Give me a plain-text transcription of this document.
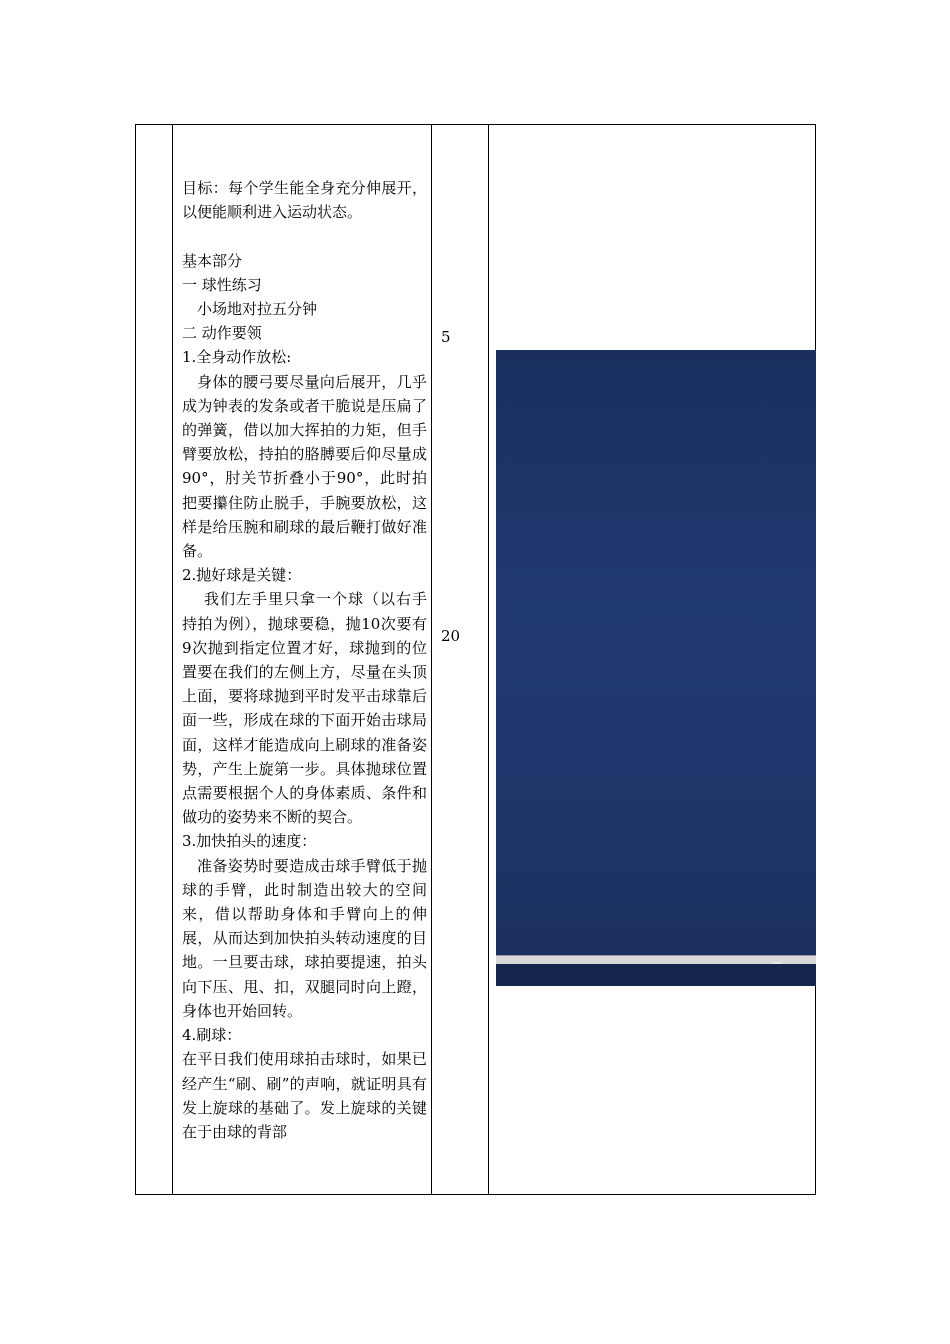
目标：每个学生能全身充分伸展开，以便能顺利进入运动状态。

基本部分

一 球性练习

小场地对拉五分钟

二 动作要领

1.全身动作放松:

身体的腰弓要尽量向后展开，几乎成为钟表的发条或者干脆说是压扁了的弹簧，借以加大挥拍的力矩，但手臂要放松，持拍的胳膊要后仰尽量成90°，肘关节折叠小于90°，此时拍把要攥住防止脱手，手腕要放松，这样是给压腕和刷球的最后鞭打做好准备。

2.抛好球是关键：

我们左手里只拿一个球（以右手持拍为例），抛球要稳，抛10次要有9次抛到指定位置才好，球抛到的位置要在我们的左侧上方，尽量在头顶上面，要将球抛到平时发平击球靠后面一些，形成在球的下面开始击球局面，这样才能造成向上刷球的准备姿势，产生上旋第一步。具体抛球位置点需要根据个人的身体素质、条件和做功的姿势来不断的契合。

3.加快拍头的速度：

准备姿势时要造成击球手臂低于抛球的手臂，此时制造出较大的空间来，借以帮助身体和手臂向上的伸展，从而达到加快拍头转动速度的目地。一旦要击球，球拍要提速，拍头向下压、甩、扣，双腿同时向上蹬，身体也开始回转。

4.刷球：

在平日我们使用球拍击球时，如果已经产生“刷、刷”的声响，就证明具有发上旋球的基础了。发上旋球的关键在于由球的背部

5
20
